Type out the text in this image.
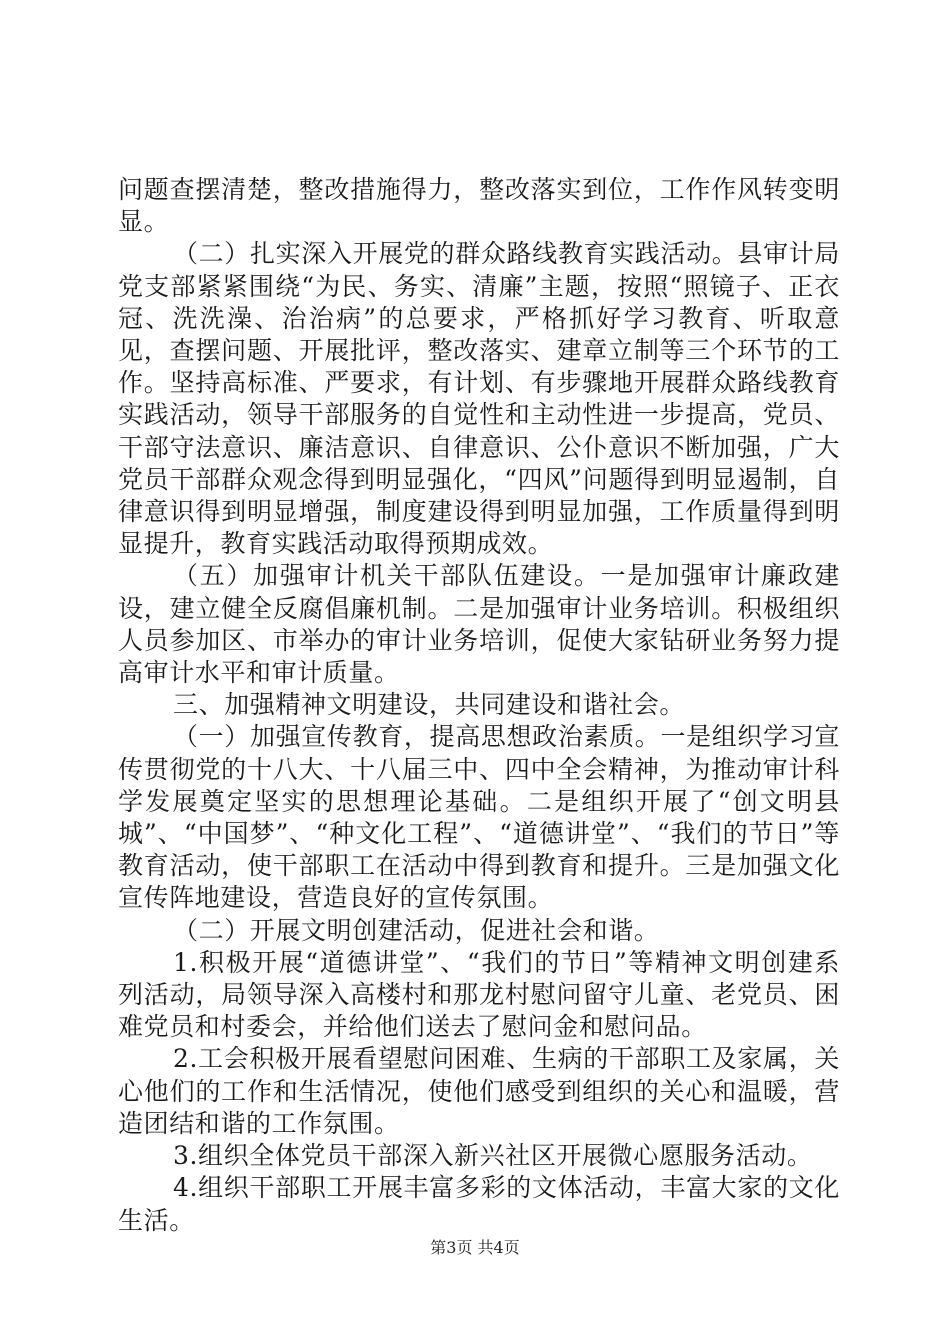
问题查摆清楚，整改措施得力，整改落实到位，工作作风转变明显。

（二）扎实深入开展党的群众路线教育实践活动。县审计局党支部紧紧围绕“为民、务实、清廉”主题，按照“照镜子、正衣冠、洗洗澡、治治病”的总要求，严格抓好学习教育、听取意见，查摆问题、开展批评，整改落实、建章立制等三个环节的工作。坚持高标准、严要求，有计划、有步骤地开展群众路线教育实践活动，领导干部服务的自觉性和主动性进一步提高，党员、干部守法意识、廉洁意识、自律意识、公仆意识不断加强，广大党员干部群众观念得到明显强化，“四风”问题得到明显遏制，自律意识得到明显增强，制度建设得到明显加强，工作质量得到明显提升，教育实践活动取得预期成效。

（五）加强审计机关干部队伍建设。一是加强审计廉政建设，建立健全反腐倡廉机制。二是加强审计业务培训。积极组织人员参加区、市举办的审计业务培训，促使大家钻研业务努力提高审计水平和审计质量。

三、加强精神文明建设，共同建设和谐社会。

（一）加强宣传教育，提高思想政治素质。一是组织学习宣传贯彻党的十八大、十八届三中、四中全会精神，为推动审计科学发展奠定坚实的思想理论基础。二是组织开展了“创文明县城”、“中国梦”、“种文化工程”、“道德讲堂”、“我们的节日”等教育活动，使干部职工在活动中得到教育和提升。三是加强文化宣传阵地建设，营造良好的宣传氛围。

（二）开展文明创建活动，促进社会和谐。

1.积极开展“道德讲堂”、“我们的节日”等精神文明创建系列活动，局领导深入高楼村和那龙村慰问留守儿童、老党员、困难党员和村委会，并给他们送去了慰问金和慰问品。

2.工会积极开展看望慰问困难、生病的干部职工及家属，关心他们的工作和生活情况，使他们感受到组织的关心和温暖，营造团结和谐的工作氛围。

3.组织全体党员干部深入新兴社区开展微心愿服务活动。

4.组织干部职工开展丰富多彩的文体活动，丰富大家的文化生活。

第3页 共4页
